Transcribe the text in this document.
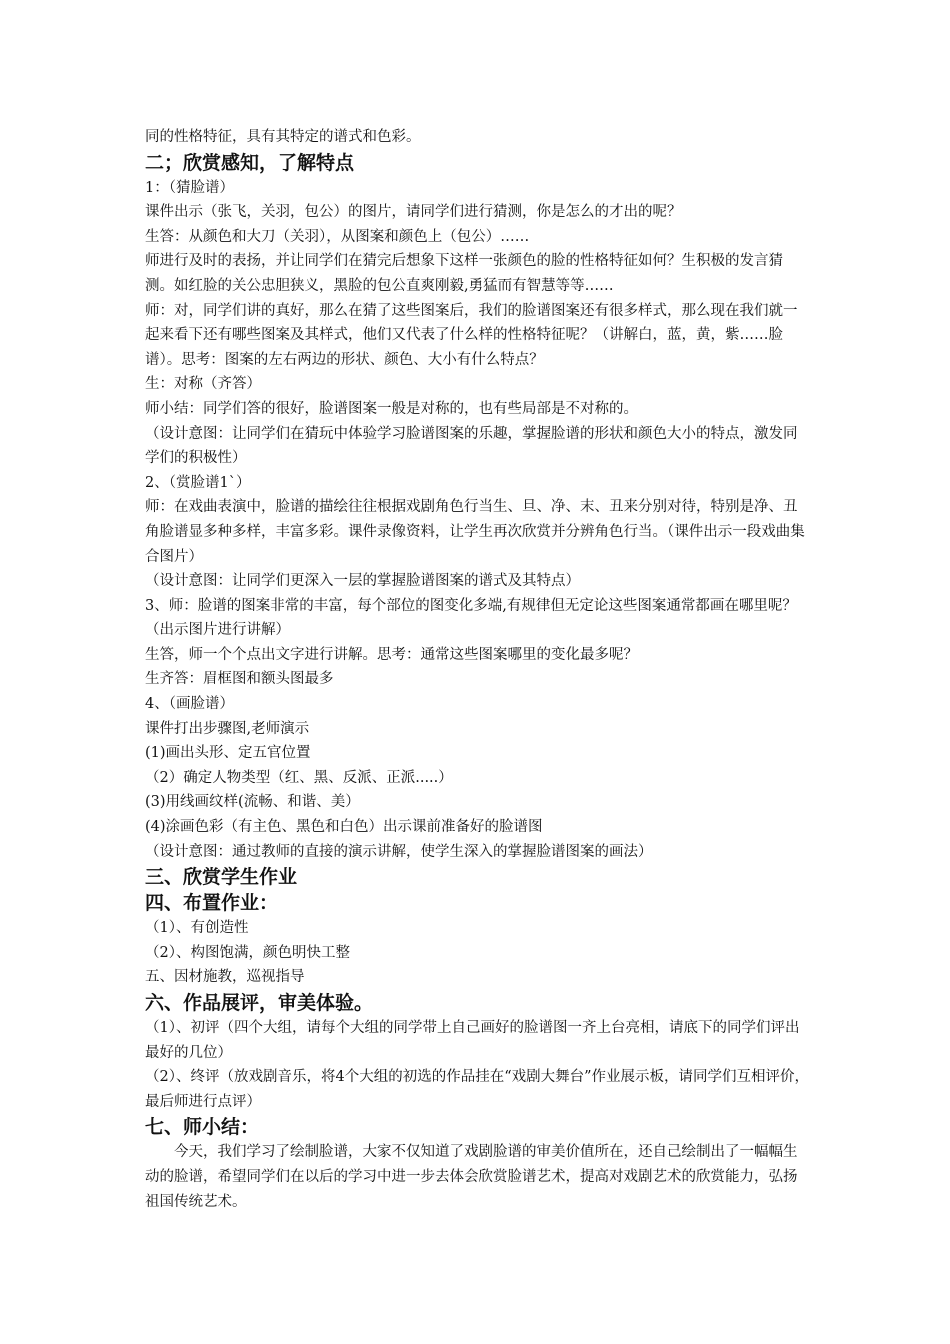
同的性格特征，具有其特定的谱式和色彩。

二；欣赏感知，了解特点

1：（猜脸谱）

课件出示（张飞，关羽，包公）的图片，请同学们进行猜测，你是怎么的才出的呢？

生答：从颜色和大刀（关羽），从图案和颜色上（包公）……

师进行及时的表扬，并让同学们在猜完后想象下这样一张颜色的脸的性格特征如何？生积极的发言猜测。如红脸的关公忠胆狭义，黑脸的包公直爽刚毅,勇猛而有智慧等等……

师：对，同学们讲的真好，那么在猜了这些图案后，我们的脸谱图案还有很多样式，那么现在我们就一起来看下还有哪些图案及其样式，他们又代表了什么样的性格特征呢？（讲解白，蓝，黄，紫……脸谱）。思考：图案的左右两边的形状、颜色、大小有什么特点？

生：对称（齐答）

师小结：同学们答的很好，脸谱图案一般是对称的，也有些局部是不对称的。

（设计意图：让同学们在猜玩中体验学习脸谱图案的乐趣，掌握脸谱的形状和颜色大小的特点，激发同学们的积极性）

2、（赏脸谱1`）

师：在戏曲表演中，脸谱的描绘往往根据戏剧角色行当生、旦、净、末、丑来分别对待，特别是净、丑角脸谱显多种多样，丰富多彩。课件录像资料，让学生再次欣赏并分辨角色行当。（课件出示一段戏曲集合图片）

（设计意图：让同学们更深入一层的掌握脸谱图案的谱式及其特点）

3、师：脸谱的图案非常的丰富，每个部位的图变化多端,有规律但无定论这些图案通常都画在哪里呢？（出示图片进行讲解）

生答，师一个个点出文字进行讲解。思考：通常这些图案哪里的变化最多呢？

生齐答：眉框图和额头图最多

4、（画脸谱）

课件打出步骤图,老师演示

(1)画出头形、定五官位置

（2）确定人物类型（红、黑、反派、正派.....）

(3)用线画纹样(流畅、和谐、美）

(4)涂画色彩（有主色、黑色和白色）出示课前准备好的脸谱图

（设计意图：通过教师的直接的演示讲解，使学生深入的掌握脸谱图案的画法）

三、欣赏学生作业

四、布置作业：

（1）、有创造性

（2）、构图饱满，颜色明快工整

五、因材施教，巡视指导

六、作品展评，审美体验。

（1）、初评（四个大组，请每个大组的同学带上自己画好的脸谱图一齐上台亮相，请底下的同学们评出最好的几位）

（2）、终评（放戏剧音乐，将4个大组的初选的作品挂在“戏剧大舞台”作业展示板，请同学们互相评价，最后师进行点评）

七、师小结：

今天，我们学习了绘制脸谱，大家不仅知道了戏剧脸谱的审美价值所在，还自己绘制出了一幅幅生动的脸谱，希望同学们在以后的学习中进一步去体会欣赏脸谱艺术，提高对戏剧艺术的欣赏能力，弘扬祖国传统艺术。
